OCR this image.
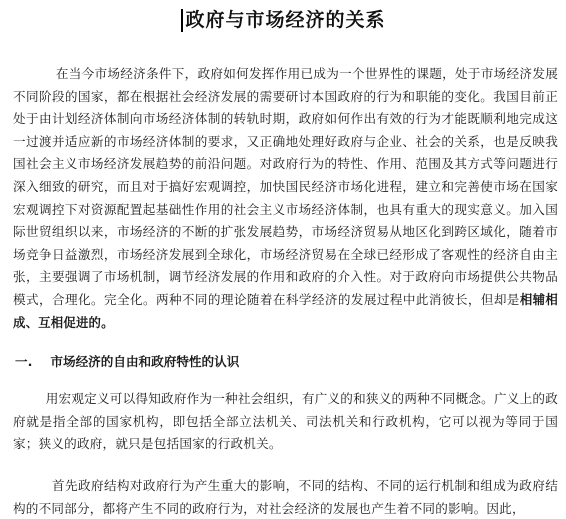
政府与市场经济的关系

在当今市场经济条件下，政府如何发挥作用已成为一个世界性的课题，处于市场经济发展不同阶段的国家，都在根据社会经济发展的需要研讨本国政府的行为和职能的变化。我国目前正处于由计划经济体制向市场经济体制的转轨时期，政府如何作出有效的行为才能既顺利地完成这一过渡并适应新的市场经济体制的要求，又正确地处理好政府与企业、社会的关系，也是反映我国社会主义市场经济发展趋势的前沿问题。对政府行为的特性、作用、范围及其方式等问题进行深入细致的研究，而且对于搞好宏观调控，加快国民经济市场化进程，建立和完善使市场在国家宏观调控下对资源配置起基础性作用的社会主义市场经济体制，也具有重大的现实意义。加入国际世贸组织以来，市场经济的不断的扩张发展趋势，市场经济贸易从地区化到跨区域化，随着市场竞争日益激烈，市场经济发展到全球化，市场经济贸易在全球已经形成了客观性的经济自由主张，主要强调了市场机制，调节经济发展的作用和政府的介入性。对于政府向市场提供公共物品模式，合理化。完全化。两种不同的理论随着在科学经济的发展过程中此消彼长，但却是相辅相成、互相促进的。

一. 市场经济的自由和政府特性的认识

用宏观定义可以得知政府作为一种社会组织，有广义的和狭义的两种不同概念。广义上的政府就是指全部的国家机构，即包括全部立法机关、司法机关和行政机构，它可以视为等同于国家；狭义的政府，就只是包括国家的行政机关。

首先政府结构对政府行为产生重大的影响，不同的结构、不同的运行机制和组成为政府结构的不同部分，都将产生不同的政府行为，对社会经济的发展也产生着不同的影响。因此，
